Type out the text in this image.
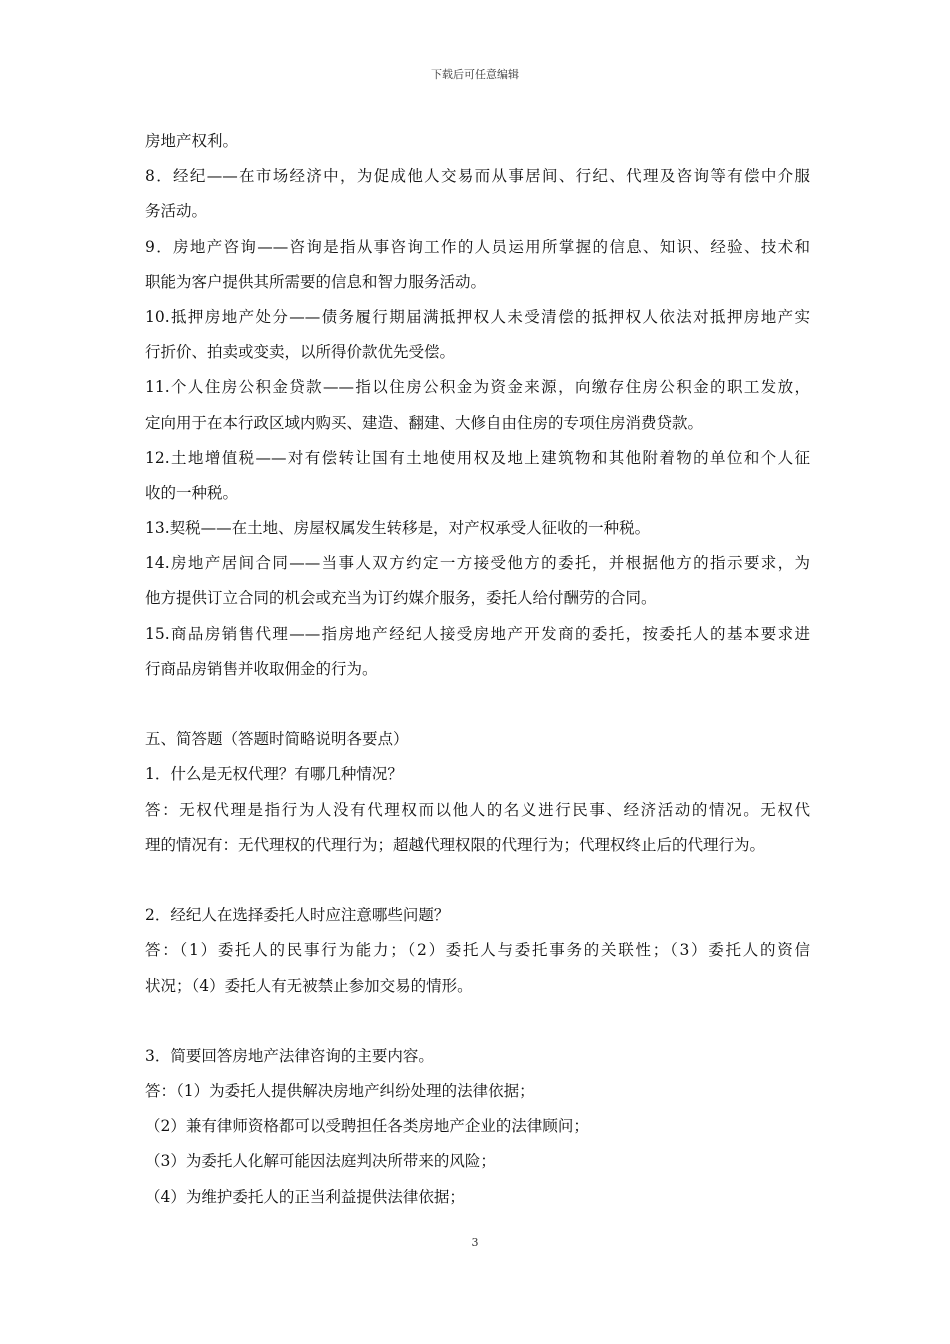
下载后可任意编辑
房地产权利。
8．经纪——在市场经济中，为促成他人交易而从事居间、行纪、代理及咨询等有偿中介服
务活动。
9．房地产咨询——咨询是指从事咨询工作的人员运用所掌握的信息、知识、经验、技术和
职能为客户提供其所需要的信息和智力服务活动。
10.抵押房地产处分——债务履行期届满抵押权人未受清偿的抵押权人依法对抵押房地产实
行折价、拍卖或变卖，以所得价款优先受偿。
11.个人住房公积金贷款——指以住房公积金为资金来源，向缴存住房公积金的职工发放，
定向用于在本行政区域内购买、建造、翻建、大修自由住房的专项住房消费贷款。
12.土地增值税——对有偿转让国有土地使用权及地上建筑物和其他附着物的单位和个人征
收的一种税。
13.契税——在土地、房屋权属发生转移是，对产权承受人征收的一种税。
14.房地产居间合同——当事人双方约定一方接受他方的委托，并根据他方的指示要求，为
他方提供订立合同的机会或充当为订约媒介服务，委托人给付酬劳的合同。
15.商品房销售代理——指房地产经纪人接受房地产开发商的委托，按委托人的基本要求进
行商品房销售并收取佣金的行为。
五、简答题（答题时简略说明各要点）
1．什么是无权代理？有哪几种情况？
答：无权代理是指行为人没有代理权而以他人的名义进行民事、经济活动的情况。无权代
理的情况有：无代理权的代理行为；超越代理权限的代理行为；代理权终止后的代理行为。
2．经纪人在选择委托人时应注意哪些问题？
答：（1）委托人的民事行为能力；（2）委托人与委托事务的关联性；（3）委托人的资信
状况；（4）委托人有无被禁止参加交易的情形。
3．简要回答房地产法律咨询的主要内容。
答：（1）为委托人提供解决房地产纠纷处理的法律依据；
（2）兼有律师资格都可以受聘担任各类房地产企业的法律顾问；
（3）为委托人化解可能因法庭判决所带来的风险；
（4）为维护委托人的正当利益提供法律依据；
3
